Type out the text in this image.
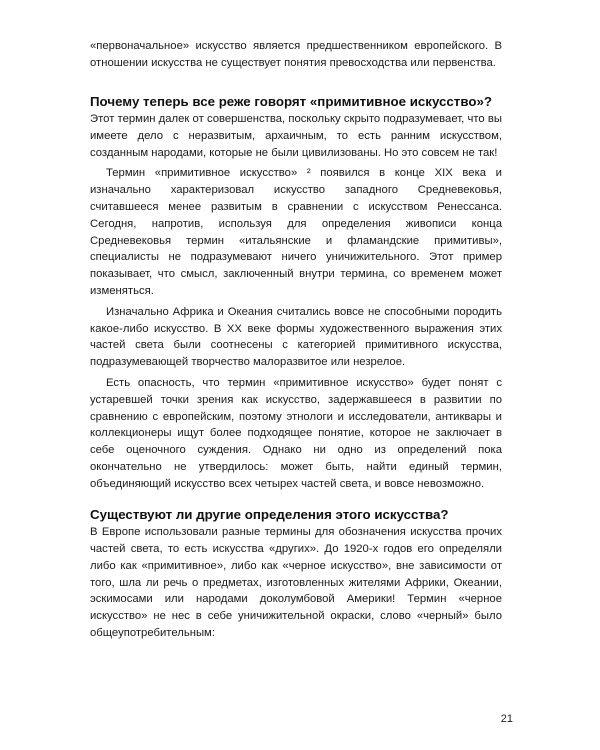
«первоначальное» искусство является предшественником европейского. В отношении искусства не существует понятия превосходства или первенства.

Почему теперь все реже говорят «примитивное искусство»?

Этот термин далек от совершенства, поскольку скрыто подразумевает, что вы имеете дело с неразвитым, архаичным, то есть ранним искусством, созданным народами, которые не были цивилизованы. Но это совсем не так!

Термин «примитивное искусство» ² появился в конце XIX века и изначально характеризовал искусство западного Средневековья, считавшееся менее развитым в сравнении с искусством Ренессанса. Сегодня, напротив, используя для определения живописи конца Средневековья термин «итальянские и фламандские примитивы», специалисты не подразумевают ничего уничижительного. Этот пример показывает, что смысл, заключенный внутри термина, со временем может изменяться.

Изначально Африка и Океания считались вовсе не способными породить какое-либо искусство. В XX веке формы художественного выражения этих частей света были соотнесены с категорией примитивного искусства, подразумевающей творчество малоразвитое или незрелое.

Есть опасность, что термин «примитивное искусство» будет понят с устаревшей точки зрения как искусство, задержавшееся в развитии по сравнению с европейским, поэтому этнологи и исследователи, антиквары и коллекционеры ищут более подходящее понятие, которое не заключает в себе оценочного суждения. Однако ни одно из определений пока окончательно не утвердилось: может быть, найти единый термин, объединяющий искусство всех четырех частей света, и вовсе невозможно.

Существуют ли другие определения этого искусства?

В Европе использовали разные термины для обозначения искусства прочих частей света, то есть искусства «других». До 1920-х годов его определяли либо как «примитивное», либо как «черное искусство», вне зависимости от того, шла ли речь о предметах, изготовленных жителями Африки, Океании, эскимосами или народами доколумбовой Америки! Термин «черное искусство» не нес в себе уничижительной окраски, слово «черный» было общеупотребительным:

21
